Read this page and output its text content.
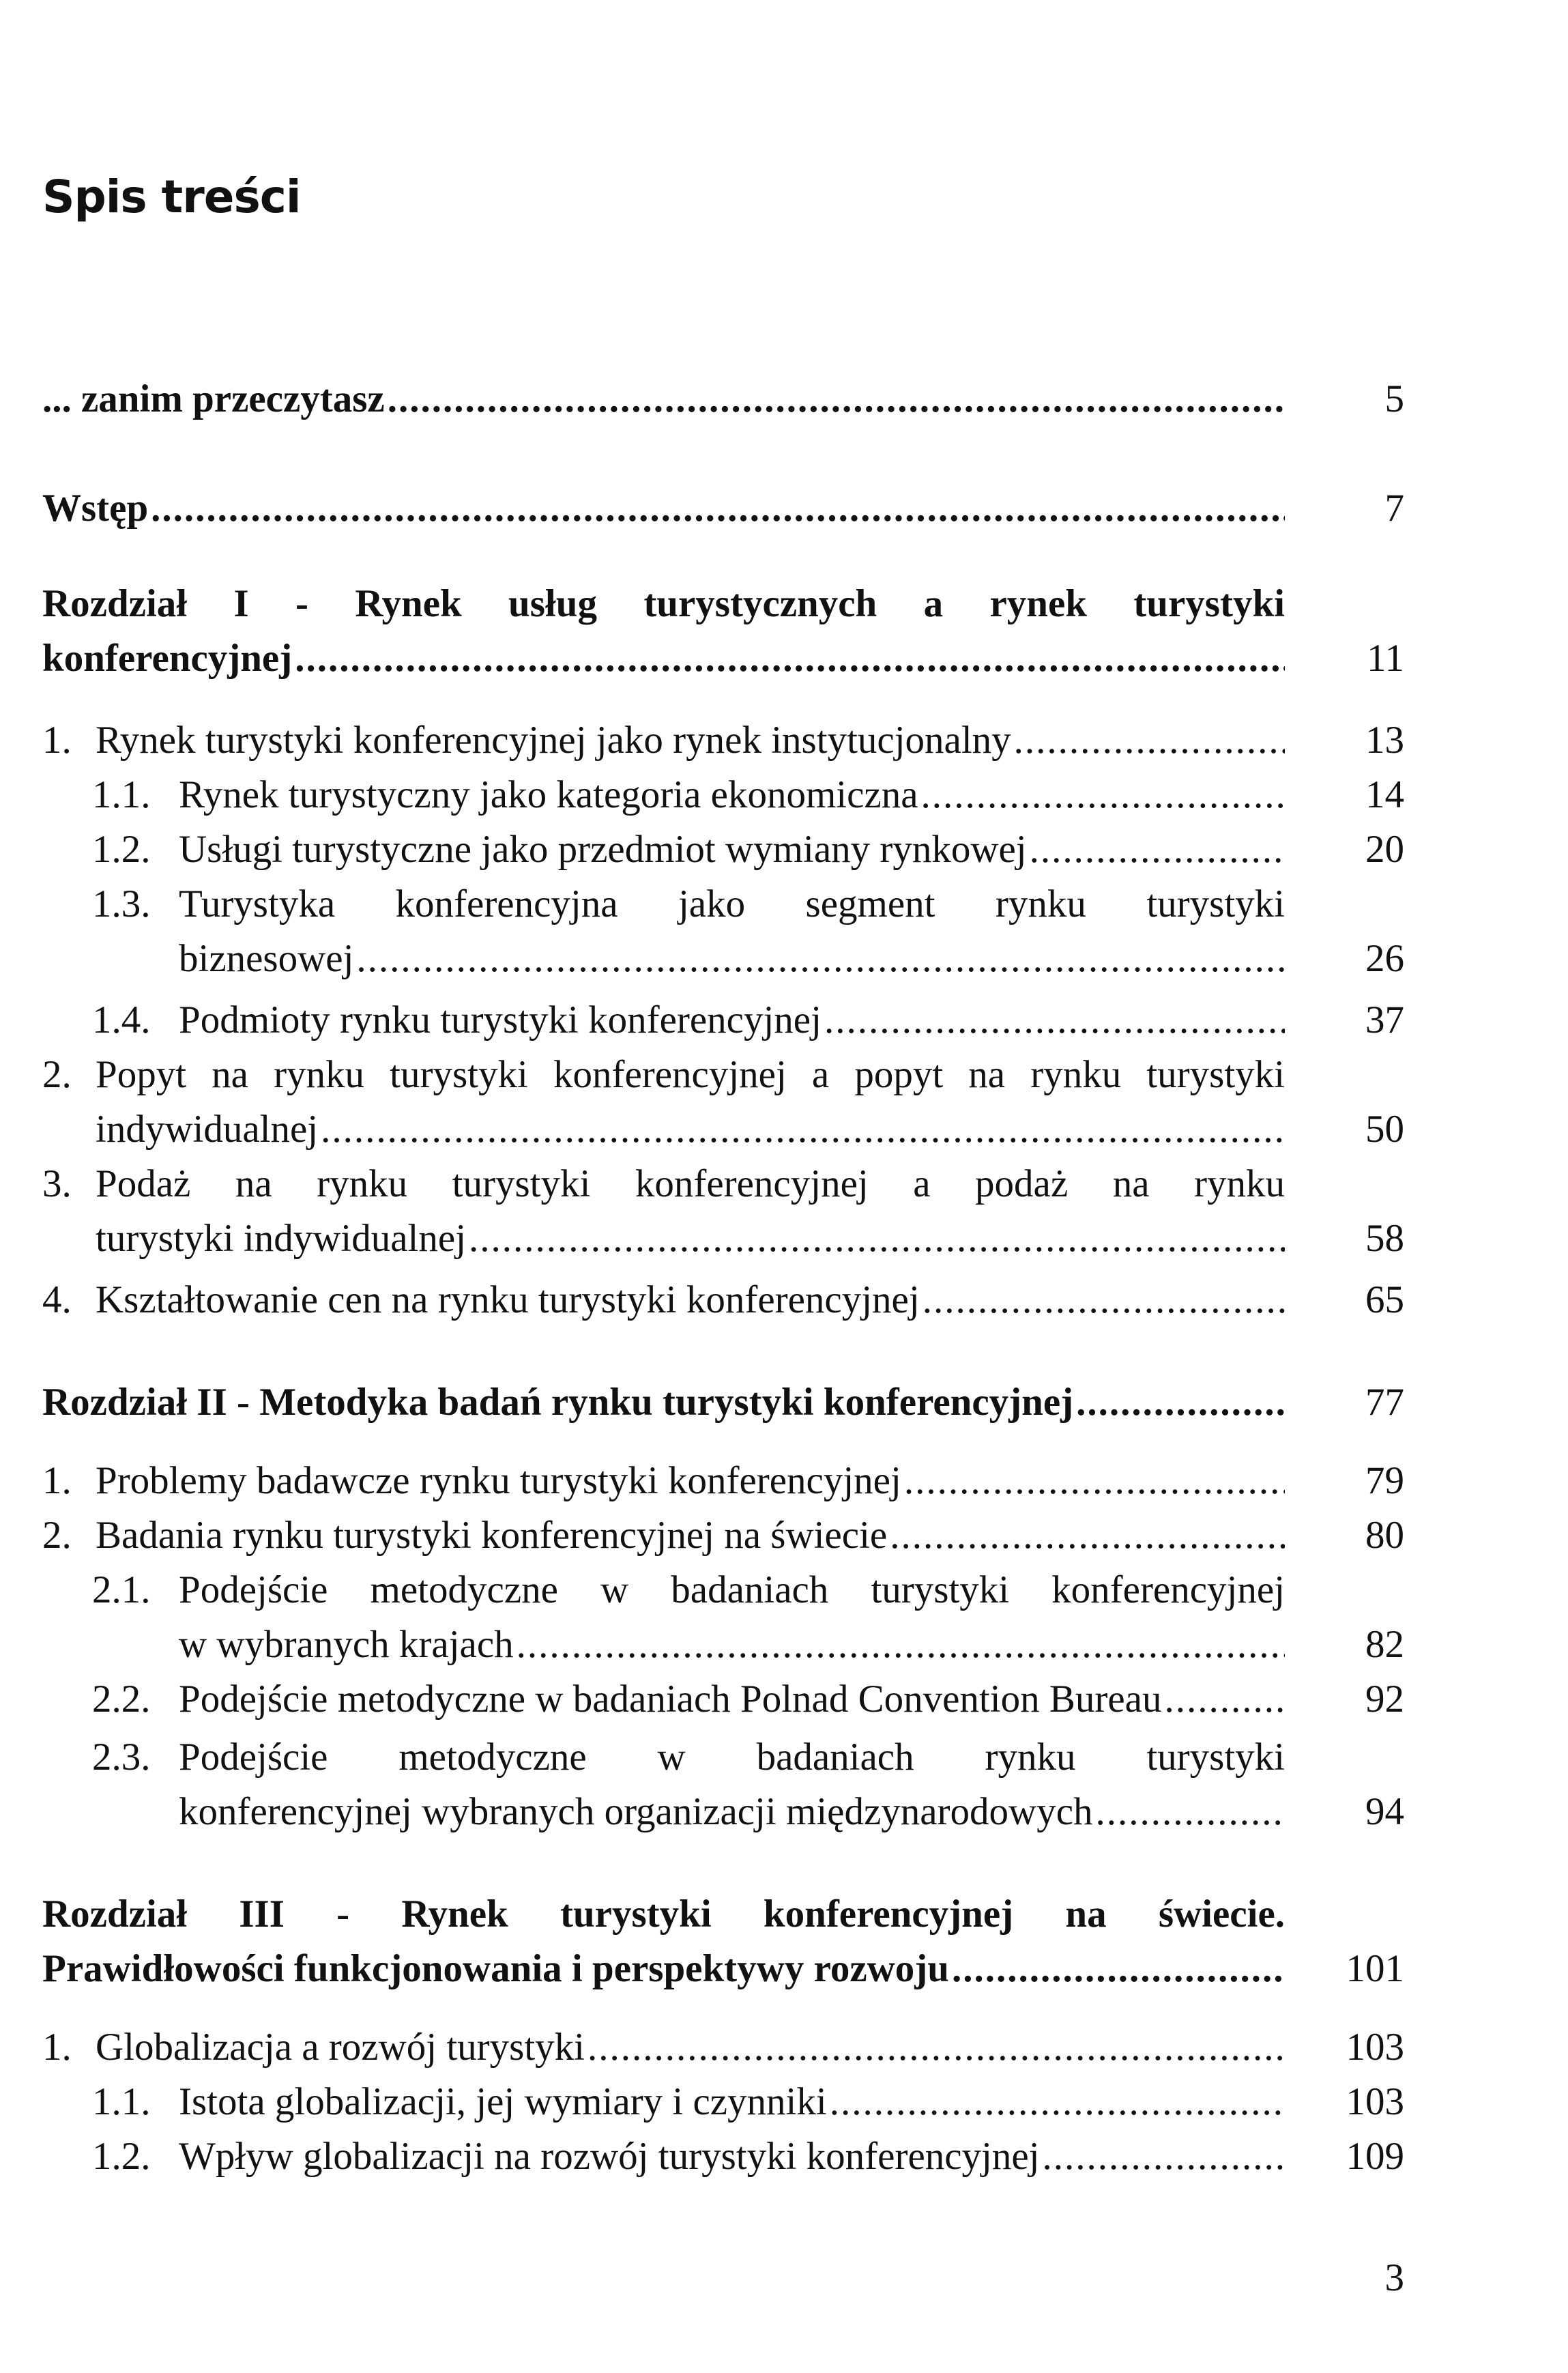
Spis treści
... zanim przeczytasz .....	5
Wstęp .....	7
Rozdział I - Rynek usług turystycznych a rynek turystyki
konferencyjnej .....	11
1. Rynek turystyki konferencyjnej jako rynek instytucjonalny .....	13
1.1. Rynek turystyczny jako kategoria ekonomiczna .....	14
1.2. Usługi turystyczne jako przedmiot wymiany rynkowej .....	20
1.3. Turystyka konferencyjna jako segment rynku turystyki
biznesowej .....	26
1.4. Podmioty rynku turystyki konferencyjnej .....	37
2. Popyt na rynku turystyki konferencyjnej a popyt na rynku turystyki
indywidualnej .....	50
3. Podaż na rynku turystyki konferencyjnej a podaż na rynku
turystyki indywidualnej .....	58
4. Kształtowanie cen na rynku turystyki konferencyjnej .....	65
Rozdział II - Metodyka badań rynku turystyki konferencyjnej .....	77
1. Problemy badawcze rynku turystyki konferencyjnej .....	79
2. Badania rynku turystyki konferencyjnej na świecie .....	80
2.1. Podejście metodyczne w badaniach turystyki konferencyjnej
w wybranych krajach .....	82
2.2. Podejście metodyczne w badaniach Polnad Convention Bureau .....	92
2.3. Podejście metodyczne w badaniach rynku turystyki
konferencyjnej wybranych organizacji międzynarodowych .....	94
Rozdział III - Rynek turystyki konferencyjnej na świecie.
Prawidłowości funkcjonowania i perspektywy rozwoju .....	101
1. Globalizacja a rozwój turystyki .....	103
1.1. Istota globalizacji, jej wymiary i czynniki .....	103
1.2. Wpływ globalizacji na rozwój turystyki konferencyjnej .....	109
3
